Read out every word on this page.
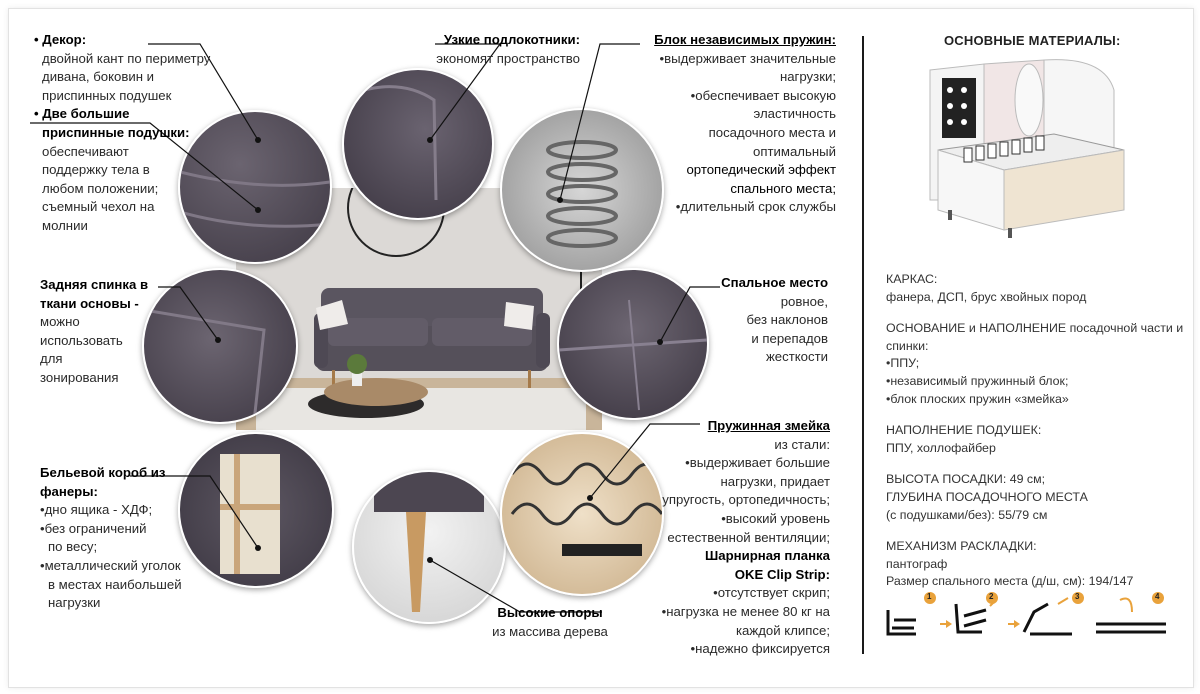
• Декор:
двойной кант по периметру
дивана, боковин и
приспинных подушек
• Две большие
приспинные подушки:
обеспечивают
поддержку тела в
любом положении;
съемный чехол на
молнии
Узкие подлокотники:
экономят пространство
Блок независимых пружин:
•выдерживает значительные
нагрузки;
•обеспечивает высокую
эластичность
посадочного места и
оптимальный
ортопедический эффект
спального места;
•длительный срок службы
Задняя спинка в
ткани основы -
можно
использовать
для
зонирования
Спальное место
ровное,
без наклонов
и перепадов
жесткости
Бельевой короб из
фанеры:
•дно ящика - ХДФ;
•без ограничений
по весу;
•металлический уголок
в местах наибольшей
нагрузки
Пружинная змейка
из стали:
•выдерживает большие
нагрузки, придает
упругость, ортопедичность;
•высокий уровень
естественной вентиляции;
Шарнирная планка
OKE Clip Strip:
•отсутствует скрип;
•нагрузка не менее 80 кг на
каждой клипсе;
•надежно фиксируется
Высокие опоры
из массива дерева
ОСНОВНЫЕ МАТЕРИАЛЫ:
КАРКАС:
фанера, ДСП, брус хвойных пород
ОСНОВАНИЕ и НАПОЛНЕНИЕ посадочной части и
спинки:
•ППУ;
•независимый пружинный блок;
•блок плоских пружин «змейка»
НАПОЛНЕНИЕ ПОДУШЕК:
ППУ, холлофайбер
ВЫСОТА ПОСАДКИ: 49 см;
ГЛУБИНА ПОСАДОЧНОГО МЕСТА
(с подушками/без): 55/79 см
МЕХАНИЗМ РАСКЛАДКИ:
пантограф
Размер спального места (д/ш, см): 194/147
1	2	3	4
